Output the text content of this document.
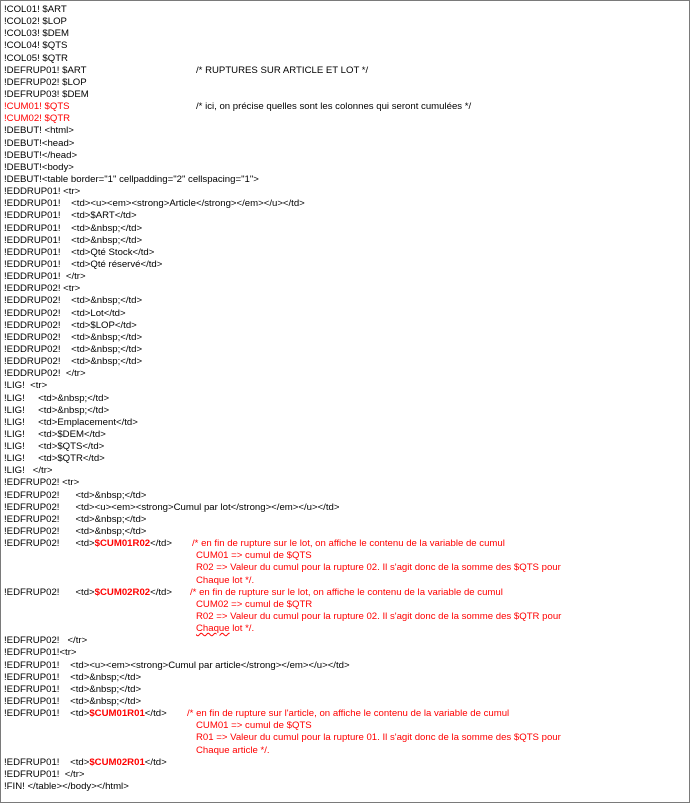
!COL01! $ART
!COL02! $LOP
!COL03! $DEM
!COL04! $QTS
!COL05! $QTR
!DEFRUP01! $ART	/* RUPTURES SUR ARTICLE ET LOT */
!DEFRUP02! $LOP
!DEFRUP03! $DEM
!CUM01! $QTS	/* ici, on précise quelles sont les colonnes qui seront cumulées */
!CUM02! $QTR
!DEBUT! <html>
!DEBUT!<head>
!DEBUT!</head>
!DEBUT!<body>
!DEBUT!<table border="1" cellpadding="2" cellspacing="1">
!EDDRUP01! <tr>
!EDDRUP01!    <td><u><em><strong>Article</strong></em></u></td>
!EDDRUP01!    <td>$ART</td>
!EDDRUP01!    <td>&nbsp;</td>
!EDDRUP01!    <td>&nbsp;</td>
!EDDRUP01!    <td>Qté Stock</td>
!EDDRUP01!    <td>Qté réservé</td>
!EDDRUP01!  </tr>
!EDDRUP02! <tr>
!EDDRUP02!    <td>&nbsp;</td>
!EDDRUP02!    <td>Lot</td>
!EDDRUP02!    <td>$LOP</td>
!EDDRUP02!    <td>&nbsp;</td>
!EDDRUP02!    <td>&nbsp;</td>
!EDDRUP02!    <td>&nbsp;</td>
!EDDRUP02!  </tr>
!LIG!  <tr>
!LIG!     <td>&nbsp;</td>
!LIG!     <td>&nbsp;</td>
!LIG!     <td>Emplacement</td>
!LIG!     <td>$DEM</td>
!LIG!     <td>$QTS</td>
!LIG!     <td>$QTR</td>
!LIG!   </tr>
!EDFRUP02! <tr>
!EDFRUP02!      <td>&nbsp;</td>
!EDFRUP02!      <td><u><em><strong>Cumul par lot</strong></em></u></td>
!EDFRUP02!      <td>&nbsp;</td>
!EDFRUP02!      <td>&nbsp;</td>
!EDFRUP02!      <td>$CUM01R02</td> /* en fin de rupture sur le lot, on affiche le contenu de la variable de cumul
CUM01 => cumul de $QTS
R02 => Valeur du cumul pour la rupture 02. Il s'agit donc de la somme des $QTS pour
Chaque lot */.
!EDFRUP02!      <td>$CUM02R02</td> /* en fin de rupture sur le lot, on affiche le contenu de la variable de cumul
CUM02 => cumul de $QTR
R02 => Valeur du cumul pour la rupture 02. Il s'agit donc de la somme des $QTR pour
Chaque lot */.
!EDFRUP02!   </tr>
!EDFRUP01!<tr>
!EDFRUP01!    <td><u><em><strong>Cumul par article</strong></em></u></td>
!EDFRUP01!    <td>&nbsp;</td>
!EDFRUP01!    <td>&nbsp;</td>
!EDFRUP01!    <td>&nbsp;</td>
!EDFRUP01!    <td>$CUM01R01</td> /* en fin de rupture sur l'article, on affiche le contenu de la variable de cumul
CUM01 => cumul de $QTS
R01 => Valeur du cumul pour la rupture 01. Il s'agit donc de la somme des $QTS pour
Chaque article */.
!EDFRUP01!    <td>$CUM02R01</td>
!EDFRUP01!  </tr>
!FIN! </table></body></html>
